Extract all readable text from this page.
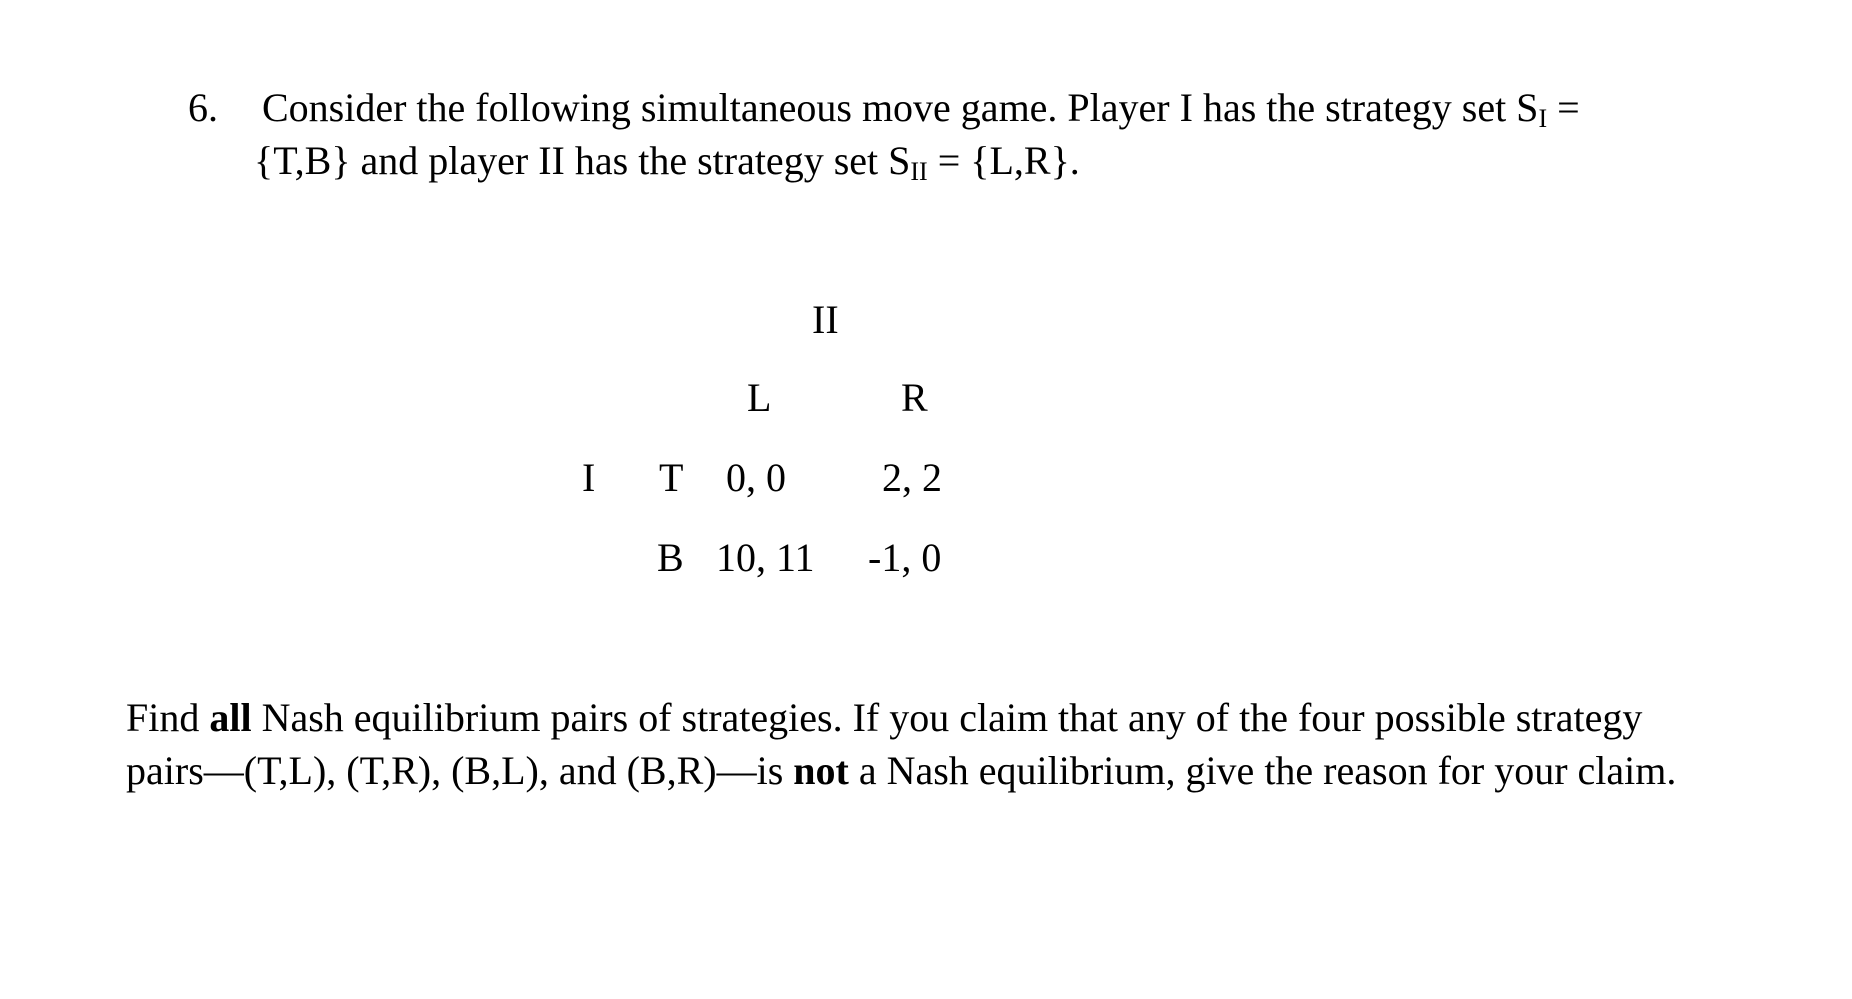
6. Consider the following simultaneous move game. Player I has the strategy set $S_I$ =
{T,B} and player II has the strategy set $S_{II} = \{L,R\}$.
II
L	R
I T 0, 0 2, 2
B 10, 11 -1, 0
Find all Nash equilibrium pairs of strategies. If you claim that any of the four possible strategy
pairs—(T,L), (T,R), (B,L), and (B,R)—is not a Nash equilibrium, give the reason for your claim.
